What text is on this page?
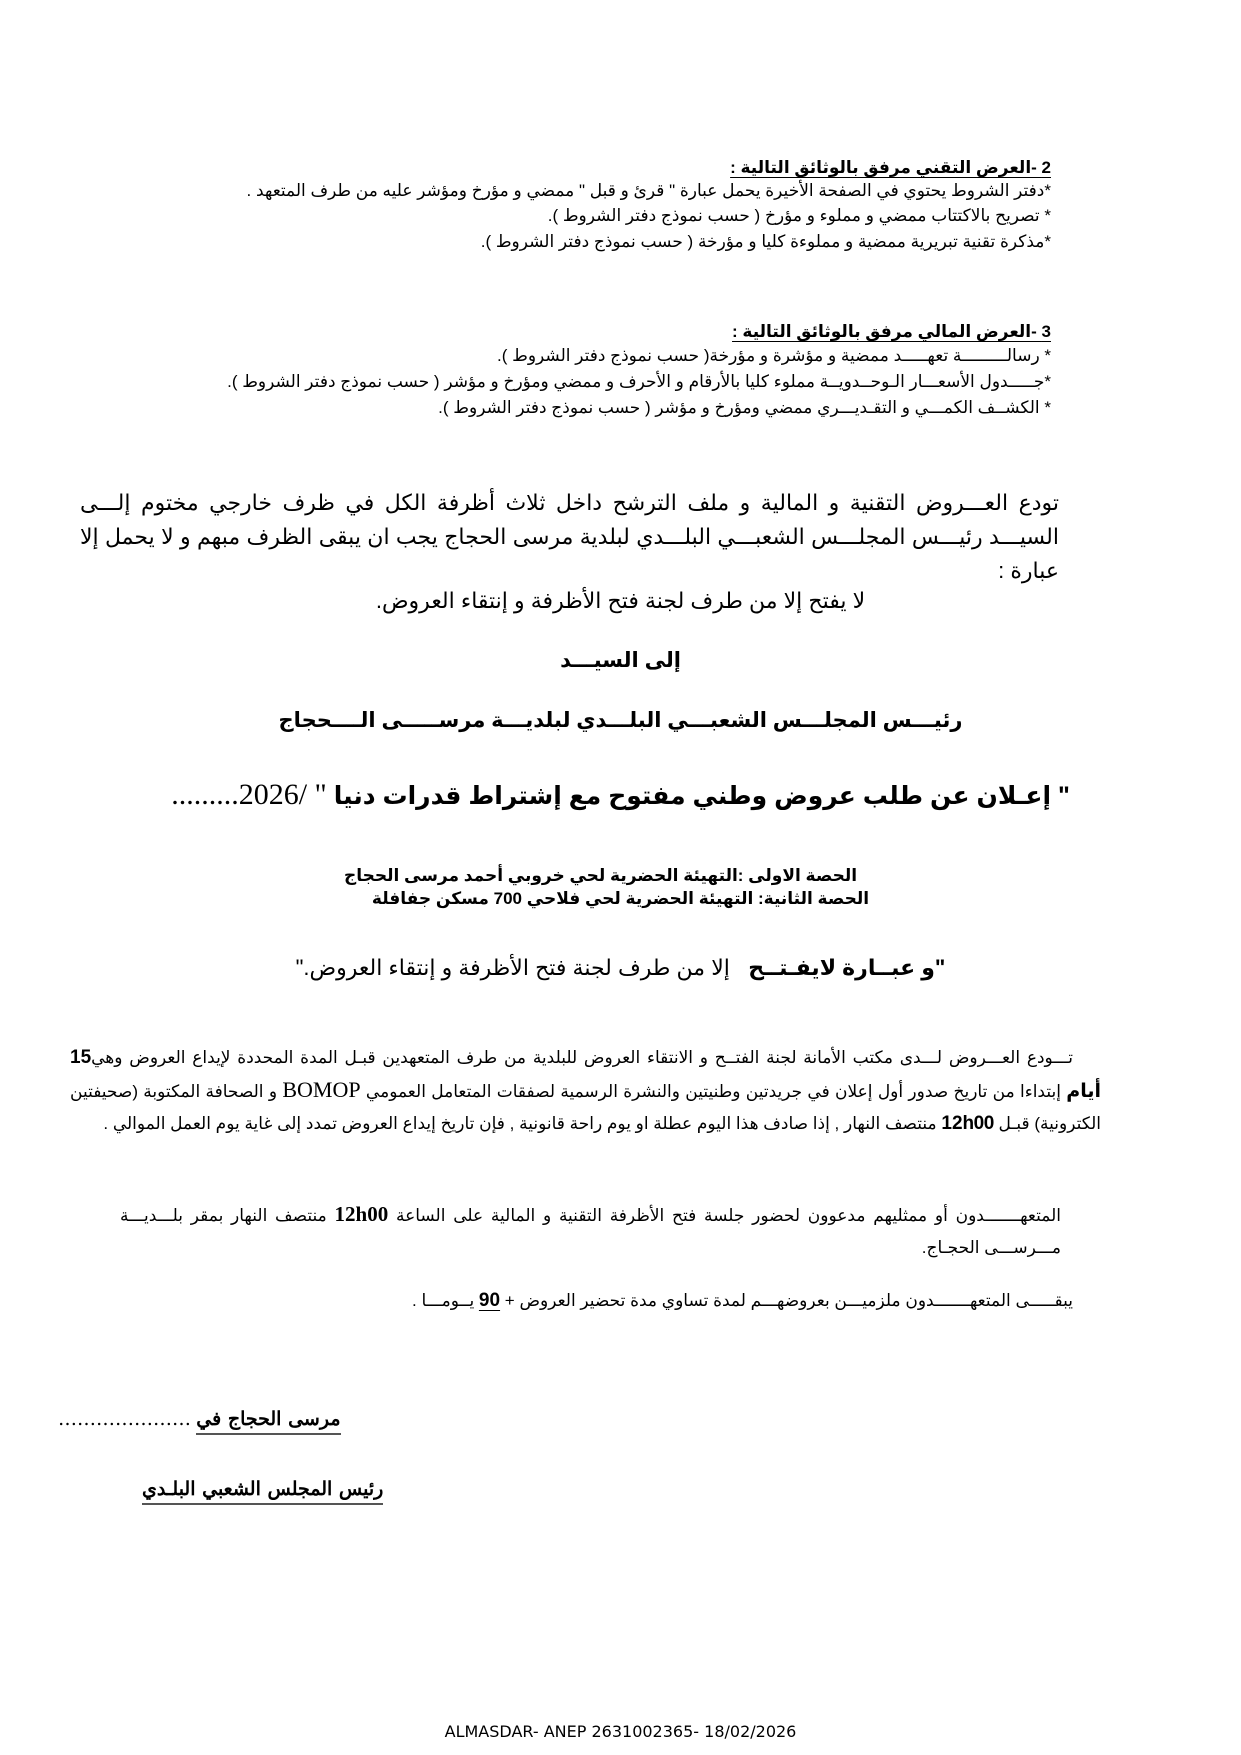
2 -العرض التقني مرفق بالوثائق التالية :
*دفتر الشروط يحتوي في الصفحة الأخيرة يحمل عبارة " قرئ و قبل " ممضي و مؤرخ ومؤشر عليه من طرف المتعهد .
* تصريح بالاكتتاب ممضي و مملوء و مؤرخ ( حسب نموذج دفتر الشروط ).
*مذكرة تقنية تبريرية ممضية و مملوءة كليا و مؤرخة ( حسب نموذج دفتر الشروط ).
3 -العرض المالي مرفق بالوثائق التالية :
* رسالـــــــــة تعهـــــد ممضية و مؤشرة و مؤرخة( حسب نموذج دفتر الشروط ).
*جـــــدول الأسعـــار الـوحــدويــة مملوء كليا بالأرقام و الأحرف و ممضي ومؤرخ و مؤشر ( حسب نموذج دفتر الشروط ).
* الكشــف الكمـــي و التقـديـــري ممضي ومؤرخ و مؤشر ( حسب نموذج دفتر الشروط ).
تودع العـــروض التقنية و المالية و ملف الترشح داخل ثلاث أظرفة الكل في ظرف خارجي مختوم إلـــى السيـــد رئيـــس المجلـــس الشعبـــي البلـــدي لبلدية مرسى الحجاج يجب ان يبقى الظرف مبهم و لا يحمل إلا عبارة :
لا يفتح إلا من طرف لجنة فتح الأظرفة و إنتقاء العروض.
إلى السيـــد
رئيـــس المجلـــس الشعبـــي البلـــدي لبلديـــة مرســـــى الــــحجاج
" إعـلان عن طلب عروض وطني مفتوح مع إشتراط قدرات دنيا .........2026/ "
الحصة الاولى :التهيئة الحضرية لحي خروبي أحمد مرسى الحجاج
الحصة الثانية: التهيئة الحضرية لحي فلاحي 700 مسكن جفافلة
"و عبــارة لايفـتــح   إلا من طرف لجنة فتح الأظرفة و إنتقاء العروض."
تـــودع العـــروض لـــدى مكتب الأمانة لجنة الفتــح و الانتقاء العروض للبلدية من طرف المتعهدين قبـل المدة المحددة لإيداع العروض وهي15 أيام إبتداءا من تاريخ صدور أول إعلان في جريدتين وطنيتين والنشرة الرسمية لصفقات المتعامل العمومي BOMOP و الصحافة المكتوبة (صحيفتين الكترونية) قبـل 12h00 منتصف النهار , إذا صادف هذا اليوم عطلة او يوم راحة قانونية , فإن تاريخ إيداع العروض تمدد إلى غاية يوم العمل الموالي .
المتعهـــــــدون أو ممثليهم مدعوون لحضور جلسة فتح الأظرفة التقنية و المالية على الساعة 12h00 منتصف النهار بمقر بلـــديـــة مـــرســـى الحجـاج.
يبقـــــى المتعهـــــــدون ملزميـــن بعروضهـــم لمدة تساوي مدة تحضير العروض + 90 يــومـــا .
مرسى الحجاج في …………………
رئيس المجلس الشعبي البلـدي
ALMASDAR- ANEP 2631002365- 18/02/2026
